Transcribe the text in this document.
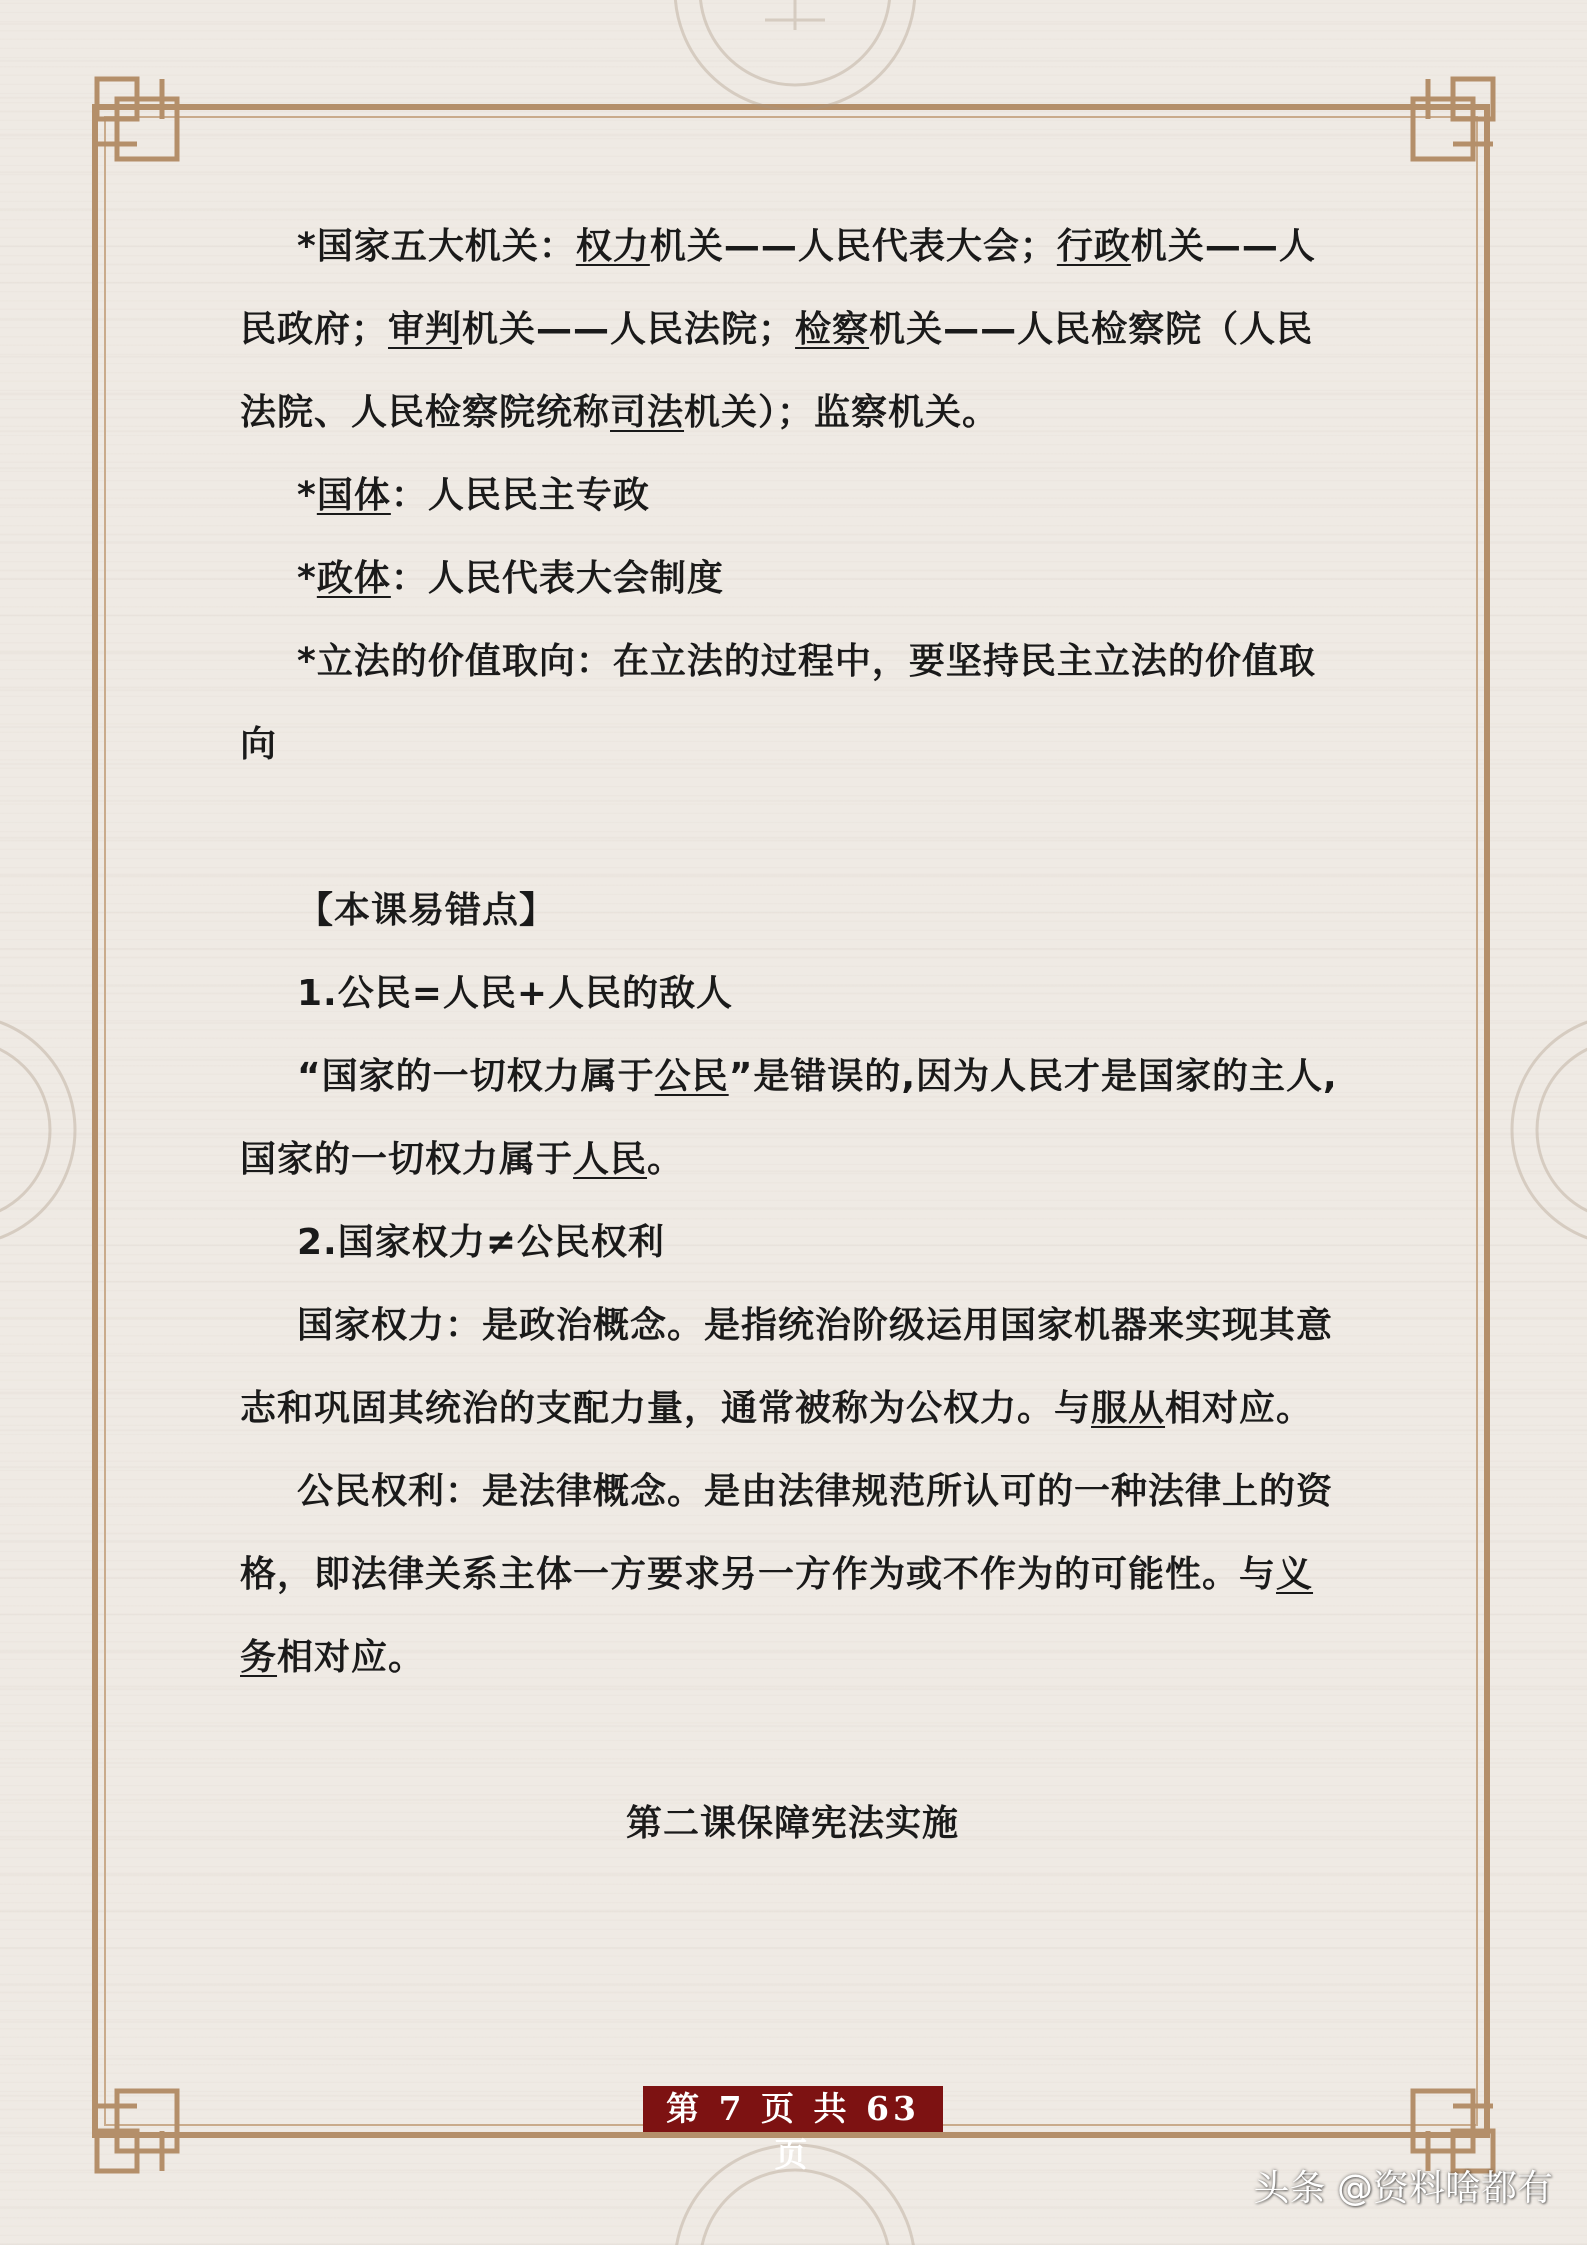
*国家五大机关：权力机关——人民代表大会；行政机关——人民政府；审判机关——人民法院；检察机关——人民检察院（人民法院、人民检察院统称司法机关）；监察机关。

*国体：人民民主专政

*政体：人民代表大会制度

*立法的价值取向：在立法的过程中，要坚持民主立法的价值取向

【本课易错点】

1.公民=人民+人民的敌人

“国家的一切权力属于公民”是错误的,因为人民才是国家的主人,国家的一切权力属于人民。

2.国家权力≠公民权利

国家权力：是政治概念。是指统治阶级运用国家机器来实现其意志和巩固其统治的支配力量，通常被称为公权力。与服从相对应。

公民权利：是法律概念。是由法律规范所认可的一种法律上的资格，即法律关系主体一方要求另一方作为或不作为的可能性。与义务相对应。

第二课保障宪法实施

第 7 页 共 63 页
头条 @资料啥都有
